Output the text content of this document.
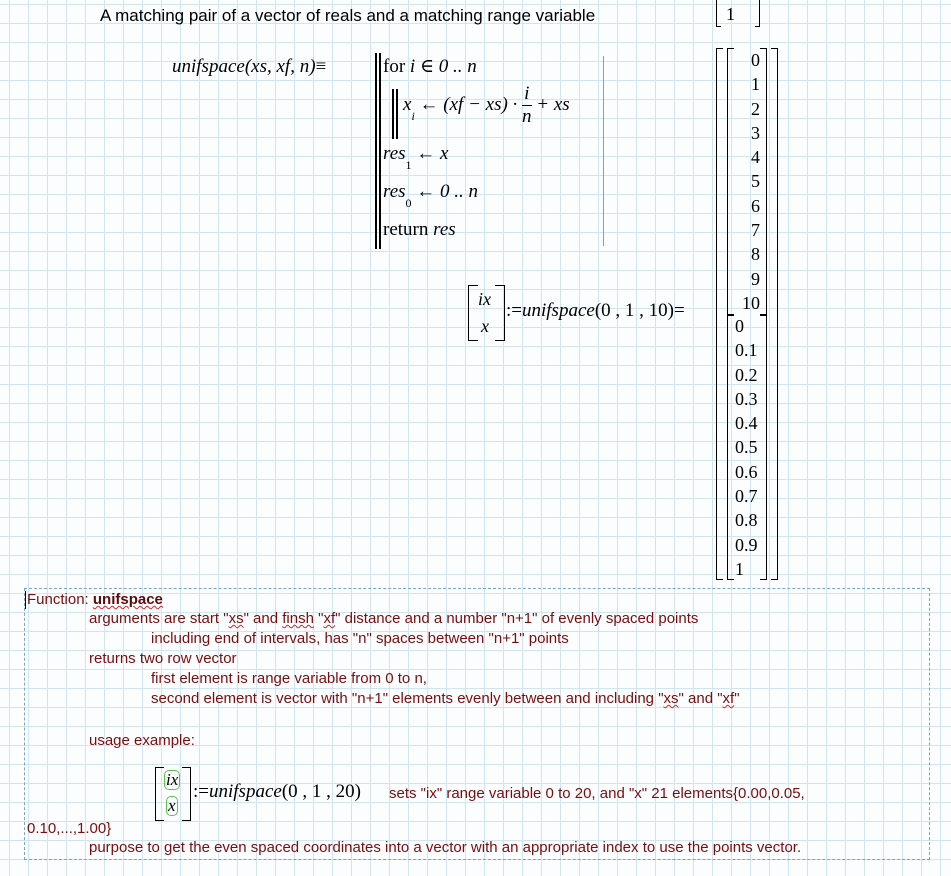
A matching pair of a vector of reals and a matching range variable	1
unifspace(xs, xf, n)≡	for i ∈ 0 .. n
$x_i$ ← $(xf - xs) \cdot \frac{i}{n}$ + xs
res$_1$ ← x
res$_0$ ← 0 .. n
return res
ix
x
:=unifspace(0 , 1 , 10)=
0
1
2
3
4
5
6
7
8
9
10
0
0.1
0.2
0.3
0.4
0.5
0.6
0.7
0.8
0.9
1
Function: unifspace
arguments are start "xs" and finsh "xf" distance and a number "n+1" of evenly spaced points
including end of intervals, has "n" spaces between "n+1" points
returns two row vector
first element is range variable from 0 to n,
second element is vector with "n+1" elements evenly between and including "xs" and "xf"
usage example:
ix
x
:=unifspace(0 , 1 , 20) sets "ix" range variable 0 to 20, and "x" 21 elements{0.00,0.05,
0.10,...,1.00}
purpose to get the even spaced coordinates into a vector with an appropriate index to use the points vector.
